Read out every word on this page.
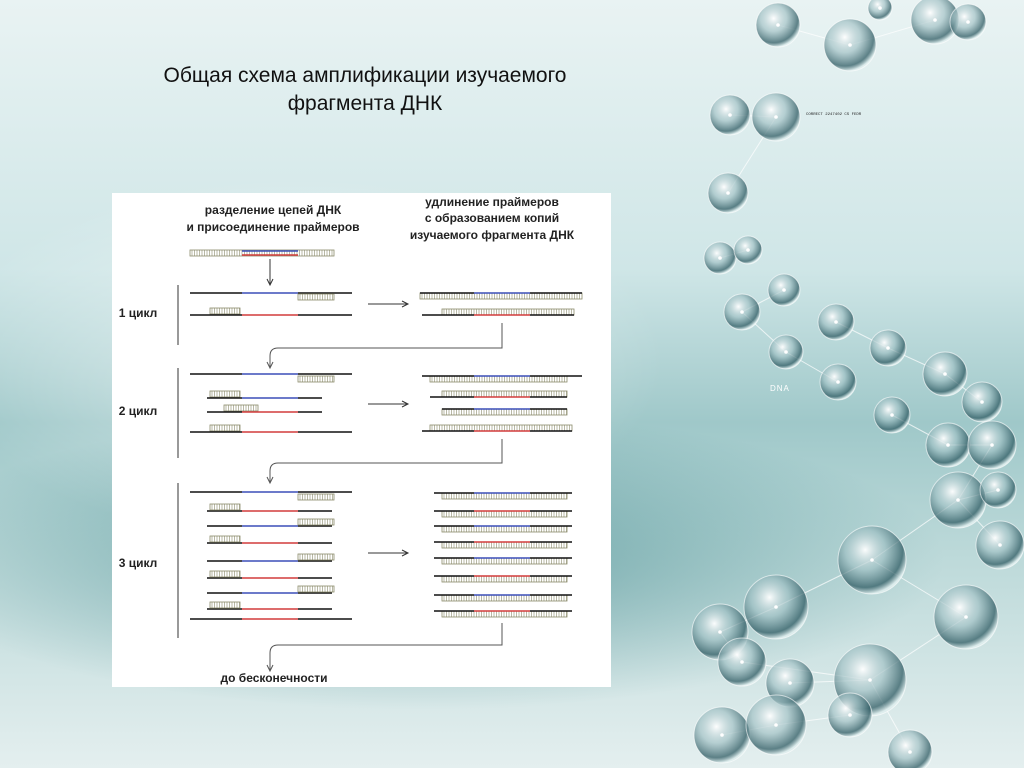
Общая схема амплификации изучаемого
фрагмента ДНК
разделение цепей ДНК
и присоединение праймеров
удлинение праймеров
с образованием копий
изучаемого фрагмента ДНК
1 цикл
2 цикл
3 цикл
до бесконечности
DNA
CORRECT 2247402 CS FEDR
